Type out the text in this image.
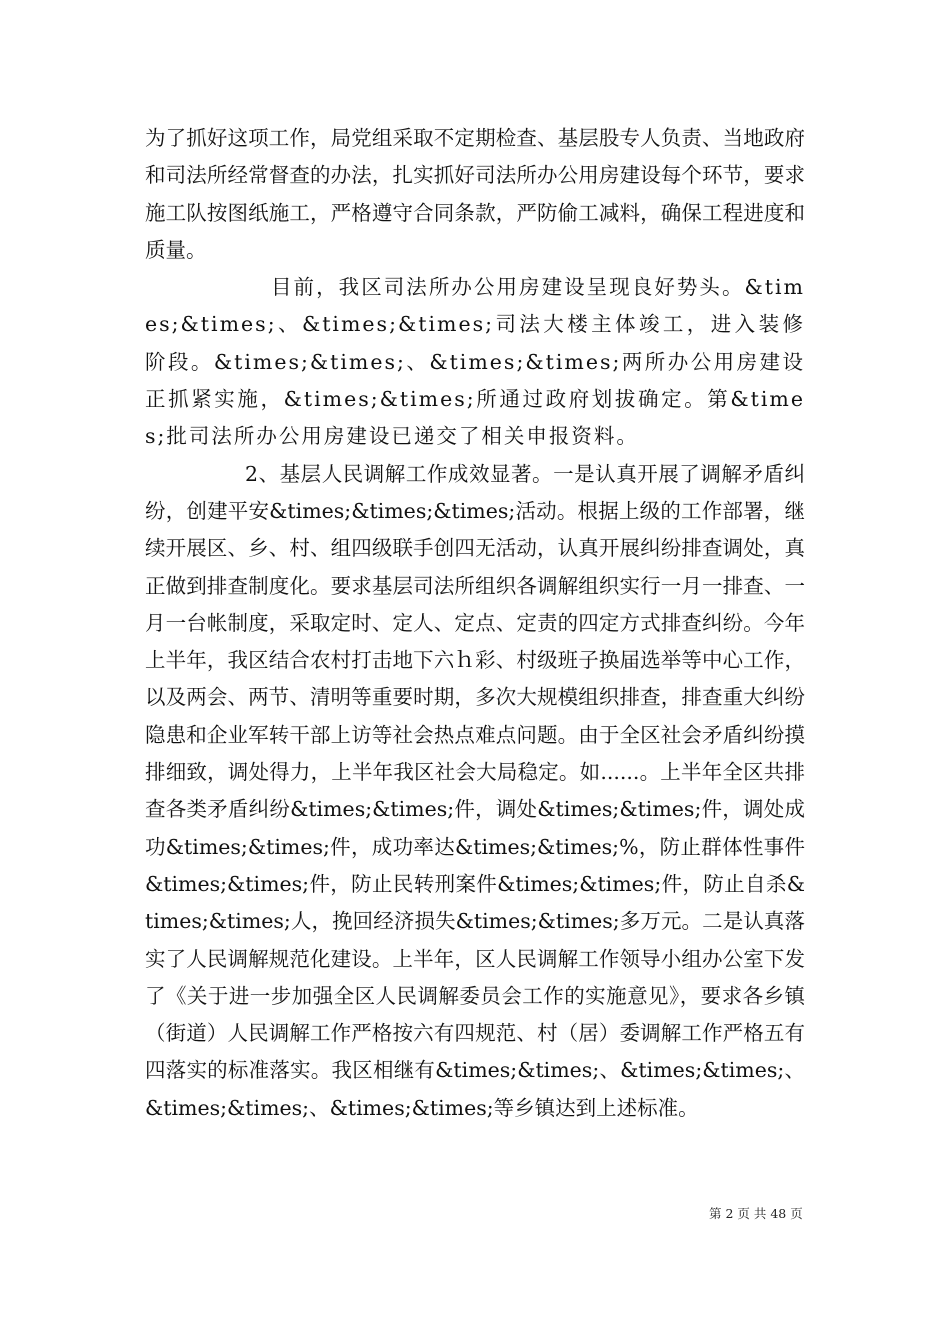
为了抓好这项工作，局党组采取不定期检查、基层股专人负责、当地政府和司法所经常督查的办法，扎实抓好司法所办公用房建设每个环节，要求施工队按图纸施工，严格遵守合同条款，严防偷工减料，确保工程进度和质量。

目前，我区司法所办公用房建设呈现良好势头。&times;&times;、&times;&times;司法大楼主体竣工，进入装修阶段。&times;&times;、&times;&times;两所办公用房建设正抓紧实施，&times;&times;所通过政府划拔确定。第&times;批司法所办公用房建设已递交了相关申报资料。

2、基层人民调解工作成效显著。一是认真开展了调解矛盾纠纷，创建平安&times;&times;&times;活动。根据上级的工作部署，继续开展区、乡、村、组四级联手创四无活动，认真开展纠纷排查调处，真正做到排查制度化。要求基层司法所组织各调解组织实行一月一排查、一月一台帐制度，采取定时、定人、定点、定责的四定方式排查纠纷。今年上半年，我区结合农村打击地下六ｈ彩、村级班子换届选举等中心工作，以及两会、两节、清明等重要时期，多次大规模组织排查，排查重大纠纷隐患和企业军转干部上访等社会热点难点问题。由于全区社会矛盾纠纷摸排细致，调处得力，上半年我区社会大局稳定。如......。上半年全区共排查各类矛盾纠纷&times;&times;件，调处&times;&times;件，调处成功&times;&times;件，成功率达&times;&times;%，防止群体性事件&times;&times;件，防止民转刑案件&times;&times;件，防止自杀&times;&times;人，挽回经济损失&times;&times;多万元。二是认真落实了人民调解规范化建设。上半年，区人民调解工作领导小组办公室下发了《关于进一步加强全区人民调解委员会工作的实施意见》，要求各乡镇（街道）人民调解工作严格按六有四规范、村（居）委调解工作严格五有四落实的标准落实。我区相继有&times;&times;、&times;&times;、&times;&times;、&times;&times;等乡镇达到上述标准。

第 2 页 共 48 页
